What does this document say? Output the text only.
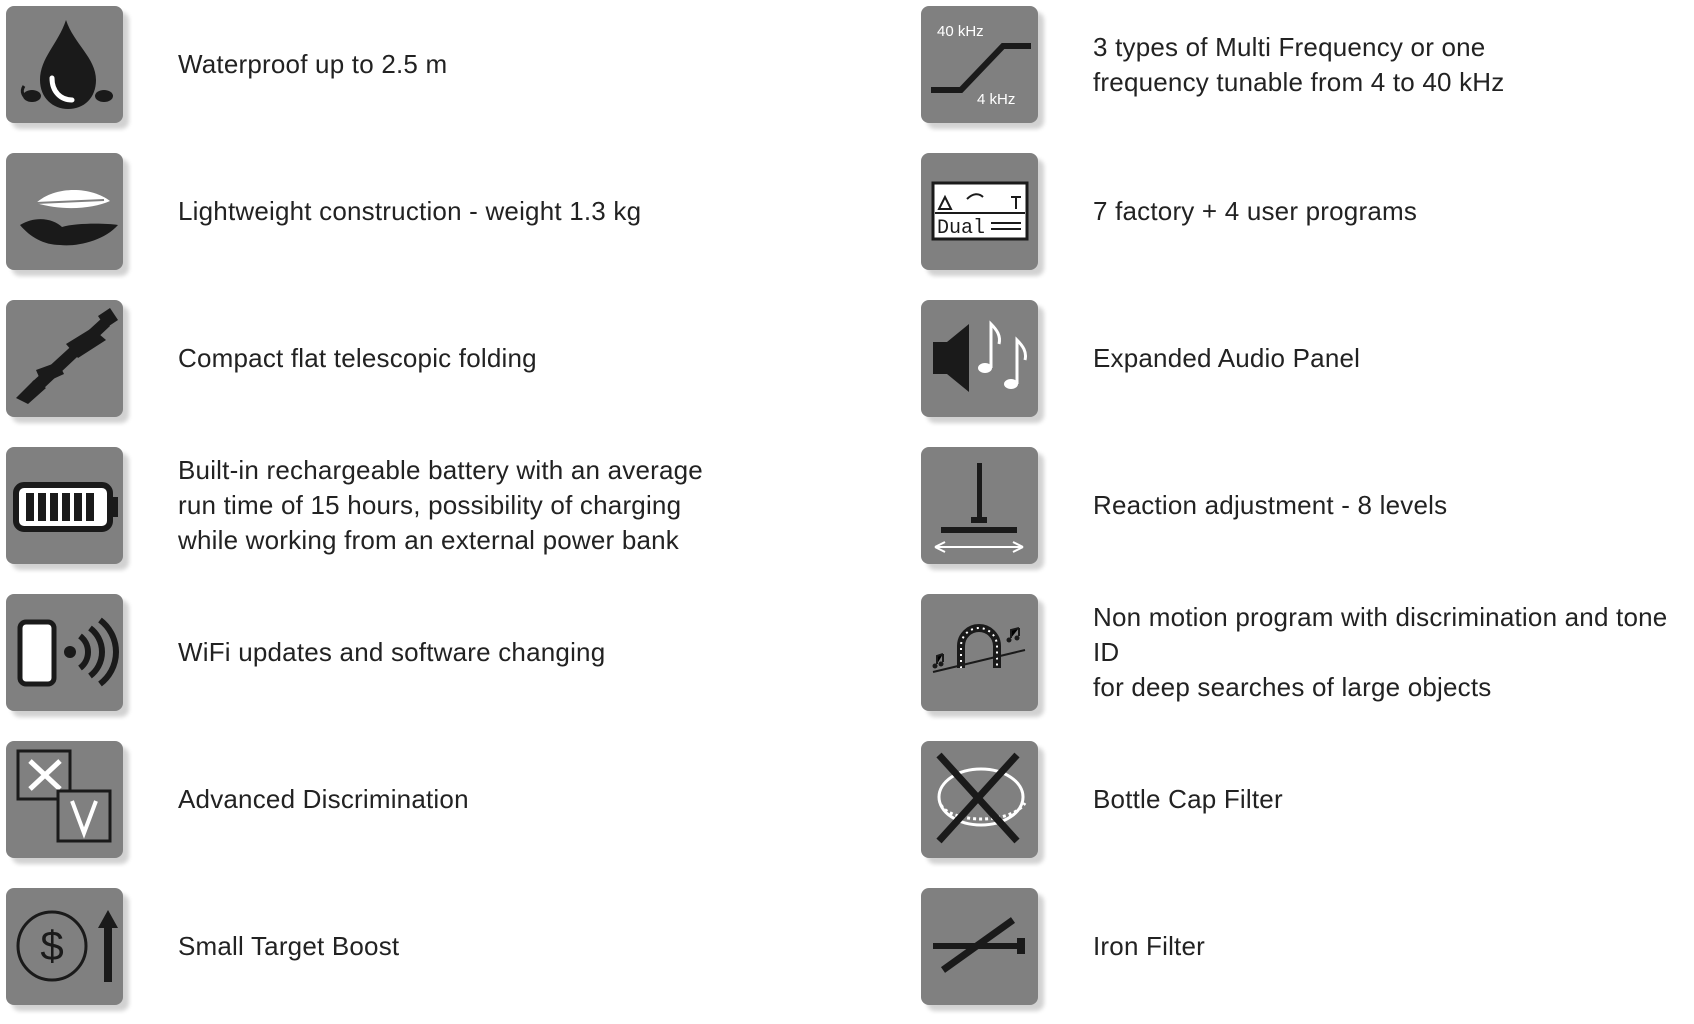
Waterproof up to 2.5 m
Lightweight construction - weight 1.3 kg
Compact flat telescopic folding
Built-in rechargeable battery with an average
run time of 15 hours, possibility of charging
while working from an external power bank
WiFi updates and software changing
Advanced Discrimination
$	Small Target Boost
40 kHz
4 kHz
3 types of Multi Frequency or one
frequency tunable from 4 to 40 kHz
Dual
7 factory + 4 user programs
Expanded Audio Panel
Reaction adjustment - 8 levels
Non motion program with discrimination and tone ID
for deep searches of large objects
Bottle Cap Filter
Iron Filter
